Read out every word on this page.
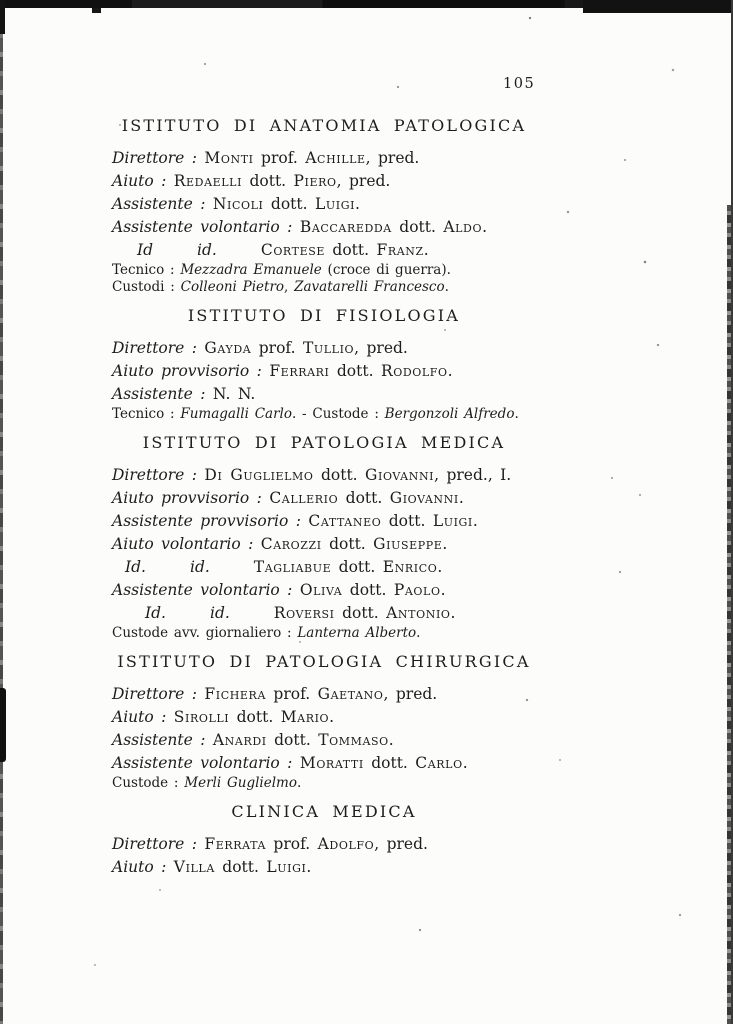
105
ISTITUTO DI ANATOMIA PATOLOGICA
Direttore : Monti prof. Achille, pred.
Aiuto : Redaelli dott. Piero, pred.
Assistente : Nicoli dott. Luigi.
Assistente volontario : Baccaredda dott. Aldo.
Id	id.	Cortese dott. Franz.
Tecnico : Mezzadra Emanuele (croce di guerra).
Custodi : Colleoni Pietro, Zavatarelli Francesco.
ISTITUTO DI FISIOLOGIA
Direttore : Gayda prof. Tullio, pred.
Aiuto provvisorio : Ferrari dott. Rodolfo.
Assistente : N. N.
Tecnico : Fumagalli Carlo. - Custode : Bergonzoli Alfredo.
ISTITUTO DI PATOLOGIA MEDICA
Direttore : Di Guglielmo dott. Giovanni, pred., I.
Aiuto provvisorio : Callerio dott. Giovanni.
Assistente provvisorio : Cattaneo dott. Luigi.
Aiuto volontario : Carozzi dott. Giuseppe.
Id.	id.	Tagliabue dott. Enrico.
Assistente volontario : Oliva dott. Paolo.
Id.	id.	Roversi dott. Antonio.
Custode avv. giornaliero : Lanterna Alberto.
ISTITUTO DI PATOLOGIA CHIRURGICA
Direttore : Fichera prof. Gaetano, pred.
Aiuto : Sirolli dott. Mario.
Assistente : Anardi dott. Tommaso.
Assistente volontario : Moratti dott. Carlo.
Custode : Merli Guglielmo.
CLINICA MEDICA
Direttore : Ferrata prof. Adolfo, pred.
Aiuto : Villa dott. Luigi.
